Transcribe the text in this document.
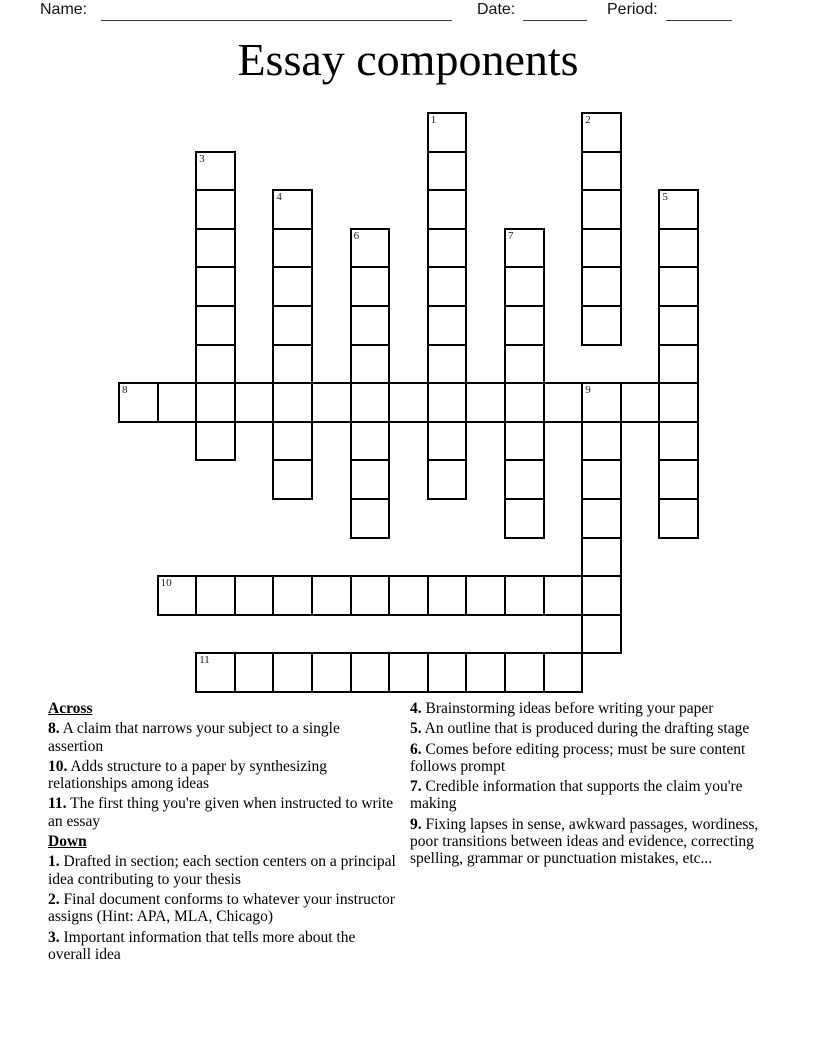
Name:	Date:	Period:
Essay components
1	2
3
4	5
6	7
8	9
10
11
Across

8. A claim that narrows your subject to a single assertion

10. Adds structure to a paper by synthesizing relationships among ideas

11. The first thing you're given when instructed to write an essay

Down

1. Drafted in section; each section centers on a principal idea contributing to your thesis

2. Final document conforms to whatever your instructor assigns (Hint: APA, MLA, Chicago)

3. Important information that tells more about the overall idea

4. Brainstorming ideas before writing your paper

5. An outline that is produced during the drafting stage

6. Comes before editing process; must be sure content follows prompt

7. Credible information that supports the claim you're making

9. Fixing lapses in sense, awkward passages, wordiness, poor transitions between ideas and evidence, correcting spelling, grammar or punctuation mistakes, etc...
